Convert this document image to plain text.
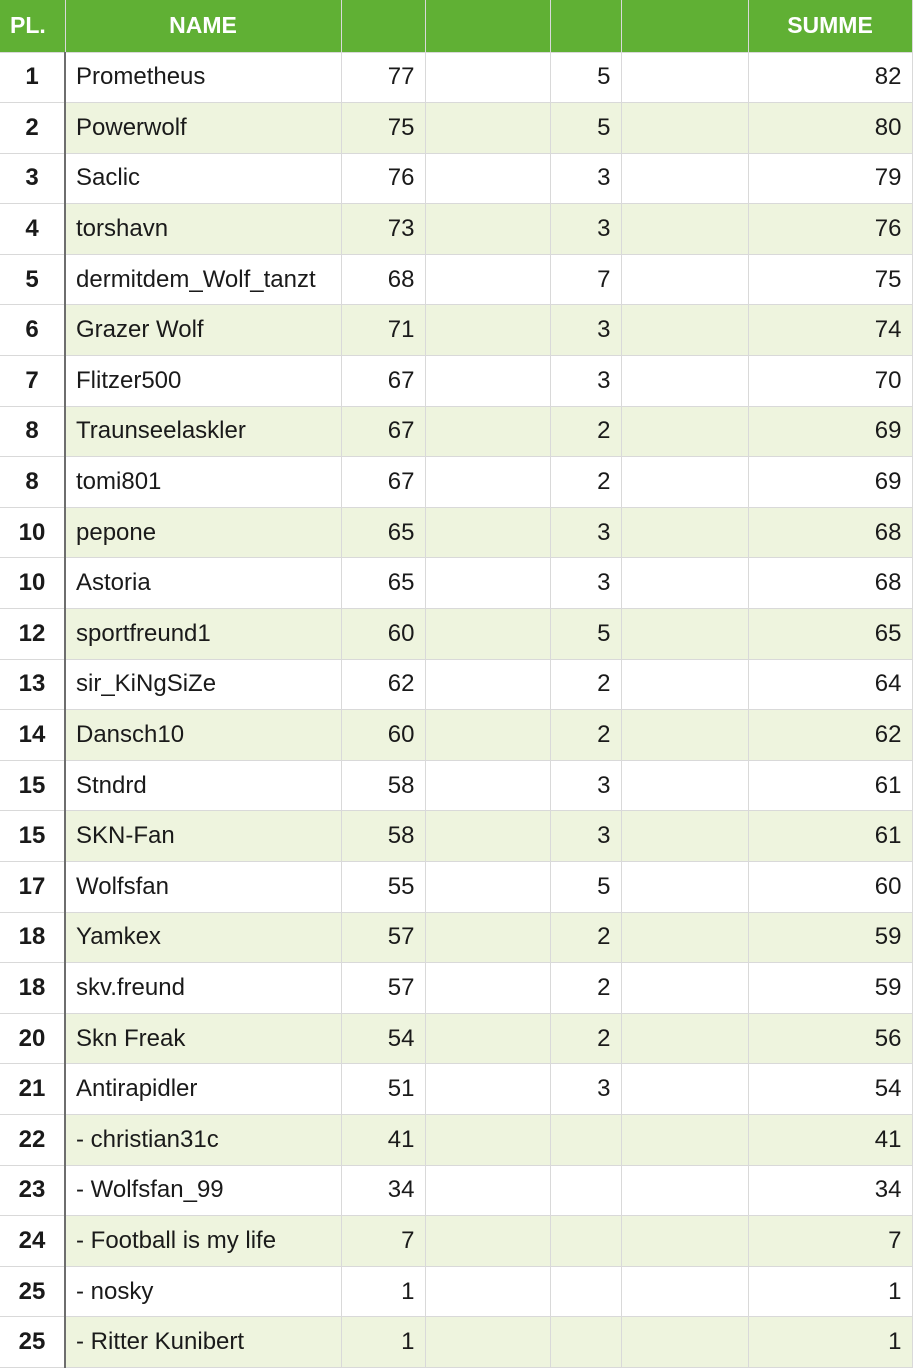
PL.	NAME					SUMME
1	Prometheus	77		5		82
2	Powerwolf	75		5		80
3	Saclic	76		3		79
4	torshavn	73		3		76
5	dermitdem_Wolf_tanzt	68		7		75
6	Grazer Wolf	71		3		74
7	Flitzer500	67		3		70
8	Traunseelaskler	67		2		69
8	tomi801	67		2		69
10	pepone	65		3		68
10	Astoria	65		3		68
12	sportfreund1	60		5		65
13	sir_KiNgSiZe	62		2		64
14	Dansch10	60		2		62
15	Stndrd	58		3		61
15	SKN-Fan	58		3		61
17	Wolfsfan	55		5		60
18	Yamkex	57		2		59
18	skv.freund	57		2		59
20	Skn Freak	54		2		56
21	Antirapidler	51		3		54
22	- christian31c	41				41
23	- Wolfsfan_99	34				34
24	- Football is my life	7				7
25	- nosky	1				1
25	- Ritter Kunibert	1				1
